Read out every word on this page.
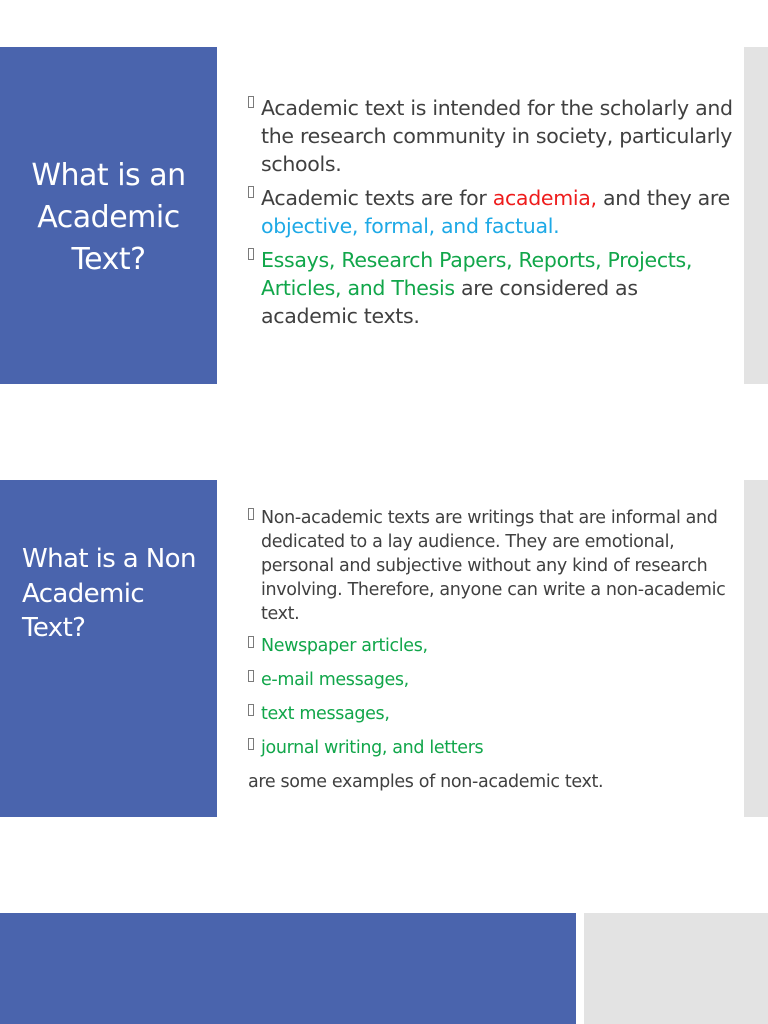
What is an Academic Text?

Academic text is intended for the scholarly and the research community in society, particularly schools.

Academic texts are for academia, and they are objective, formal, and factual.

Essays, Research Papers, Reports, Projects, Articles, and Thesis are considered as academic texts.

What is a Non Academic Text?

Non-academic texts are writings that are informal and dedicated to a lay audience. They are emotional, personal and subjective without any kind of research involving. Therefore, anyone can write a non-academic text.

Newspaper articles,

e-mail messages,

text messages,

journal writing, and letters

are some examples of non-academic text.
